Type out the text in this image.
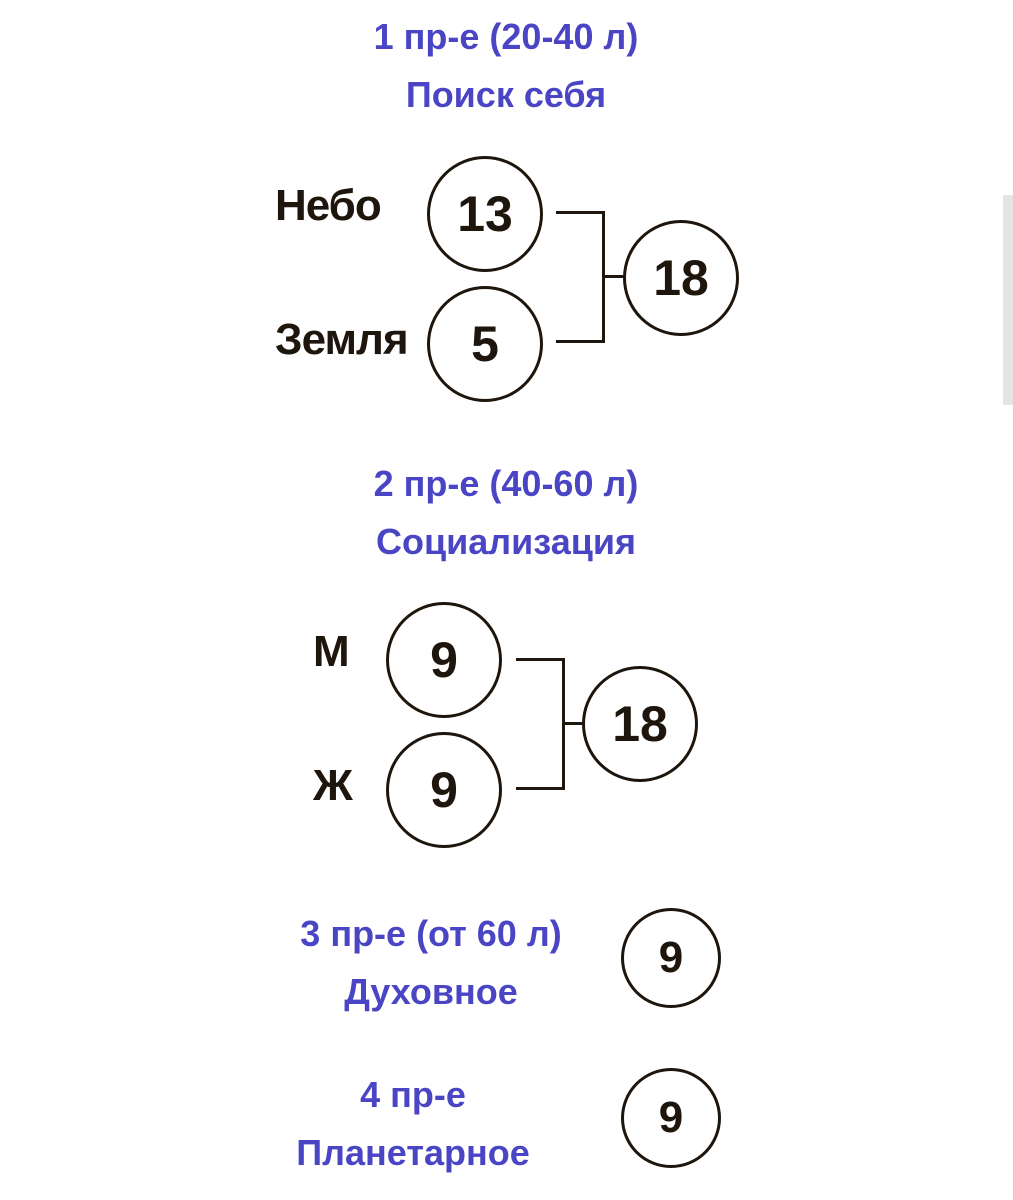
1 пр-е (20-40 л)
Поиск себя
Небо
Земля
13
5
18
2 пр-е (40-60 л)
Социализация
М
Ж
9
9
18
3 пр-е (от 60 л)
Духовное
9
4 пр-е
Планетарное
9
